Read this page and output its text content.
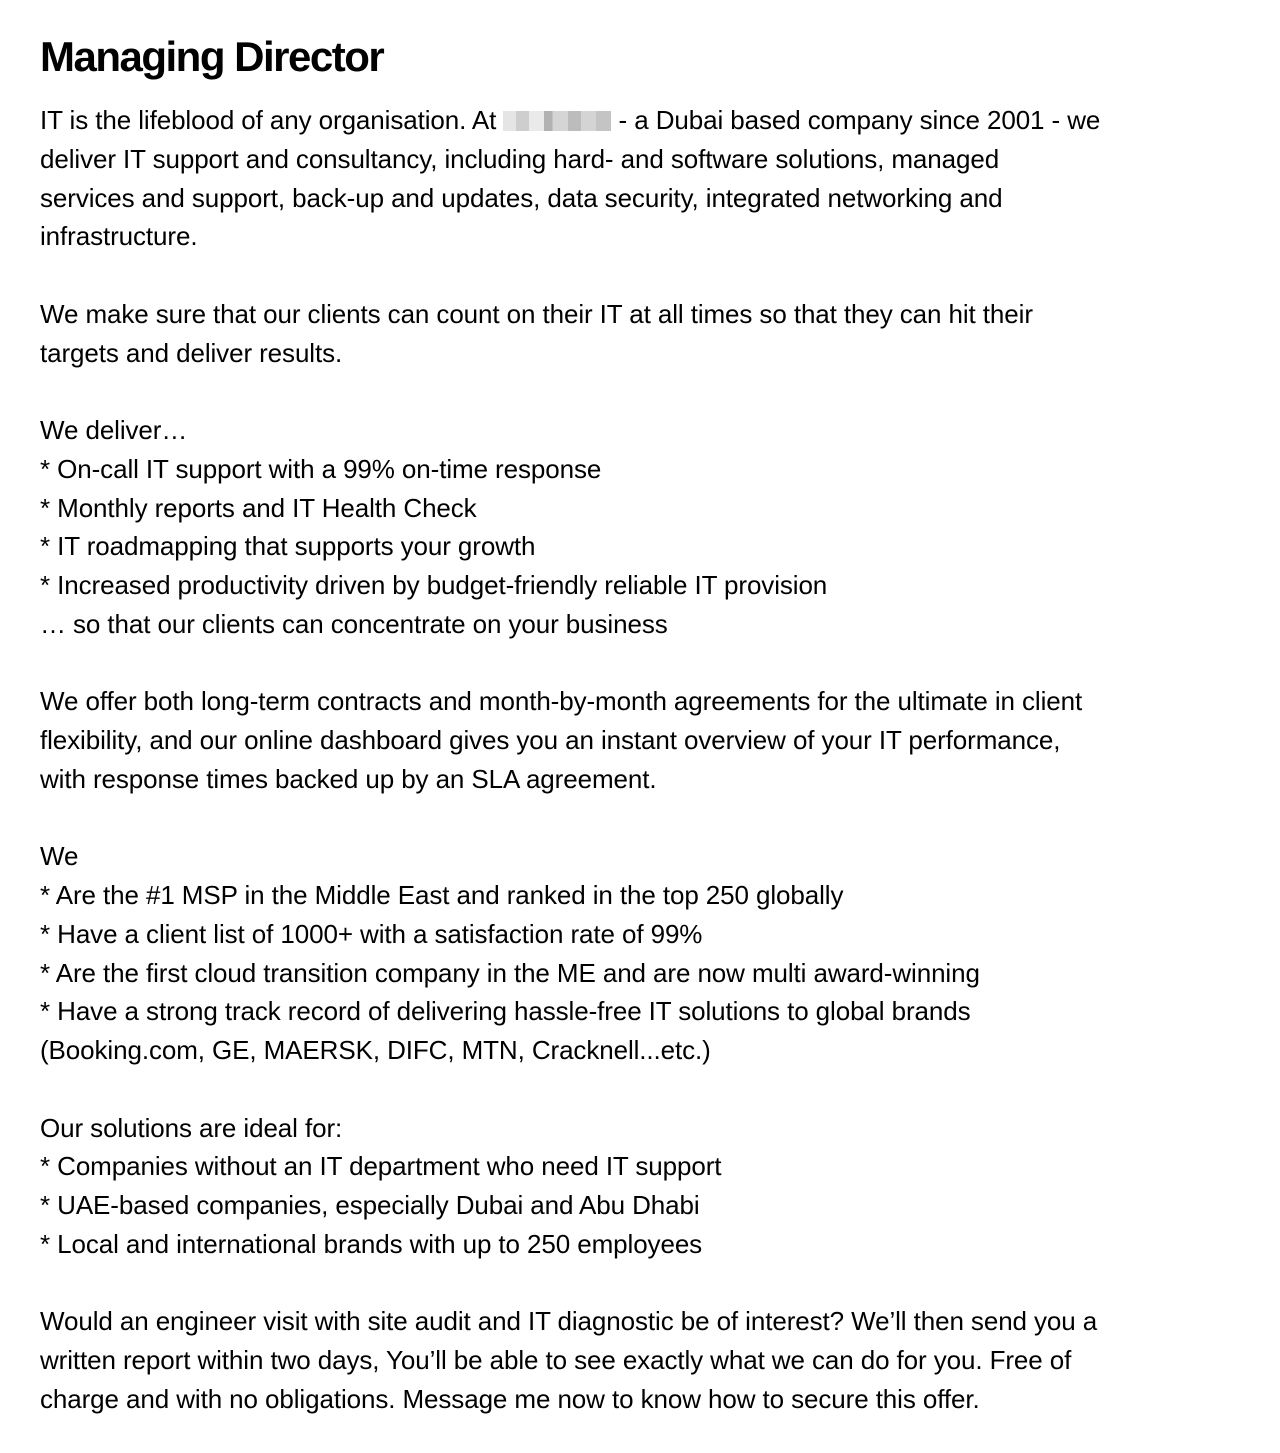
Managing Director
IT is the lifeblood of any organisation. At	- a Dubai based company since 2001 - we
deliver IT support and consultancy, including hard- and software solutions, managed
services and support, back-up and updates, data security, integrated networking and
infrastructure.
We make sure that our clients can count on their IT at all times so that they can hit their
targets and deliver results.
We deliver…
* On-call IT support with a 99% on-time response
* Monthly reports and IT Health Check
* IT roadmapping that supports your growth
* Increased productivity driven by budget-friendly reliable IT provision
… so that our clients can concentrate on your business
We offer both long-term contracts and month-by-month agreements for the ultimate in client
flexibility, and our online dashboard gives you an instant overview of your IT performance,
with response times backed up by an SLA agreement.
We
* Are the #1 MSP in the Middle East and ranked in the top 250 globally
* Have a client list of 1000+ with a satisfaction rate of 99%
* Are the first cloud transition company in the ME and are now multi award-winning
* Have a strong track record of delivering hassle-free IT solutions to global brands
(Booking.com, GE, MAERSK, DIFC, MTN, Cracknell...etc.)
Our solutions are ideal for:
* Companies without an IT department who need IT support
* UAE-based companies, especially Dubai and Abu Dhabi
* Local and international brands with up to 250 employees
Would an engineer visit with site audit and IT diagnostic be of interest? We’ll then send you a
written report within two days, You’ll be able to see exactly what we can do for you. Free of
charge and with no obligations. Message me now to know how to secure this offer.
